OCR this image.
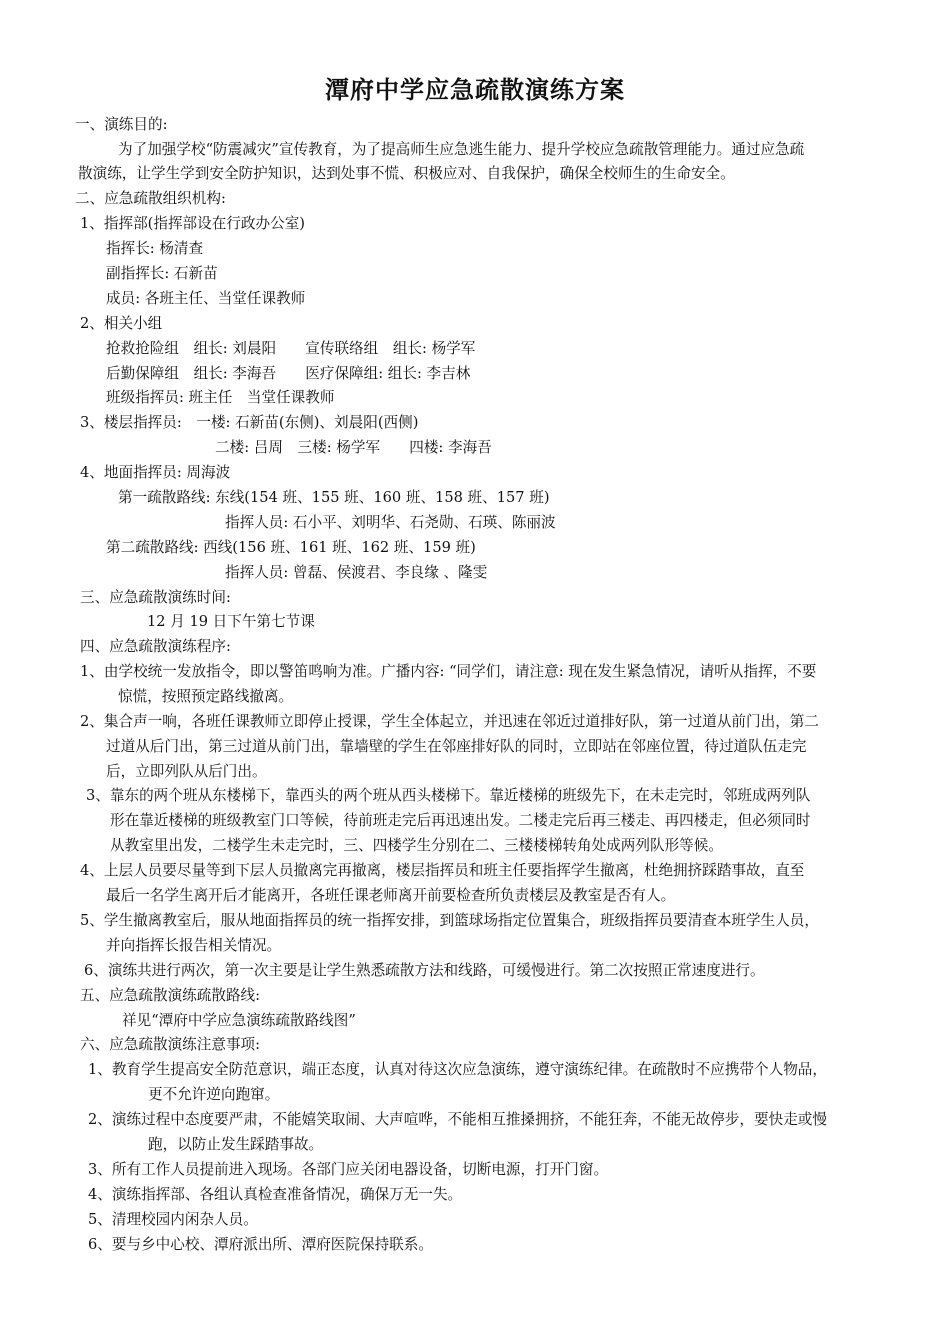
潭府中学应急疏散演练方案
一、演练目的:
为了加强学校“防震减灾”宣传教育，为了提高师生应急逃生能力、提升学校应急疏散管理能力。通过应急疏
散演练，让学生学到安全防护知识，达到处事不慌、积极应对、自我保护，确保全校师生的生命安全。
二、应急疏散组织机构:
1、指挥部(指挥部设在行政办公室)
指挥长: 杨清查
副指挥长: 石新苗
成员: 各班主任、当堂任课教师
2、相关小组
抢救抢险组　组长: 刘晨阳　　宣传联络组　组长: 杨学军
后勤保障组　组长: 李海吾　　医疗保障组: 组长: 李吉林
班级指挥员: 班主任　当堂任课教师
3、楼层指挥员:　一楼: 石新苗(东侧)、刘晨阳(西侧)
二楼: 吕周　三楼: 杨学军　　四楼: 李海吾
4、地面指挥员: 周海波
第一疏散路线: 东线(154 班、155 班、160 班、158 班、157 班)
指挥人员: 石小平、刘明华、石尧勋、石瑛、陈丽波
第二疏散路线: 西线(156 班、161 班、162 班、159 班)
指挥人员: 曾磊、侯渡君、李良缘 、隆雯
三、应急疏散演练时间:
12 月 19 日下午第七节课
四、应急疏散演练程序:
1、由学校统一发放指令，即以警笛鸣响为准。广播内容: “同学们，请注意: 现在发生紧急情况，请听从指挥，不要
惊慌，按照预定路线撤离。
2、集合声一响，各班任课教师立即停止授课，学生全体起立，并迅速在邻近过道排好队，第一过道从前门出，第二
过道从后门出，第三过道从前门出，靠墙壁的学生在邻座排好队的同时，立即站在邻座位置，待过道队伍走完
后，立即列队从后门出。
3、靠东的两个班从东楼梯下，靠西头的两个班从西头楼梯下。靠近楼梯的班级先下，在未走完时，邻班成两列队
形在靠近楼梯的班级教室门口等候，待前班走完后再迅速出发。二楼走完后再三楼走、再四楼走，但必须同时
从教室里出发，二楼学生未走完时，三、四楼学生分别在二、三楼楼梯转角处成两列队形等候。
4、上层人员要尽量等到下层人员撤离完再撤离，楼层指挥员和班主任要指挥学生撤离，杜绝拥挤踩踏事故，直至
最后一名学生离开后才能离开，各班任课老师离开前要检查所负责楼层及教室是否有人。
5、学生撤离教室后，服从地面指挥员的统一指挥安排，到篮球场指定位置集合，班级指挥员要清查本班学生人员，
并向指挥长报告相关情况。
6、演练共进行两次，第一次主要是让学生熟悉疏散方法和线路，可缓慢进行。第二次按照正常速度进行。
五、应急疏散演练疏散路线:
祥见“潭府中学应急演练疏散路线图”
六、应急疏散演练注意事项:
1、教育学生提高安全防范意识，端正态度，认真对待这次应急演练，遵守演练纪律。在疏散时不应携带个人物品，
更不允许逆向跑窜。
2、演练过程中态度要严肃，不能嬉笑取闹、大声喧哗，不能相互推搡拥挤，不能狂奔，不能无故停步，要快走或慢
跑，以防止发生踩踏事故。
3、所有工作人员提前进入现场。各部门应关闭电器设备，切断电源，打开门窗。
4、演练指挥部、各组认真检查准备情况，确保万无一失。
5、清理校园内闲杂人员。
6、要与乡中心校、潭府派出所、潭府医院保持联系。
